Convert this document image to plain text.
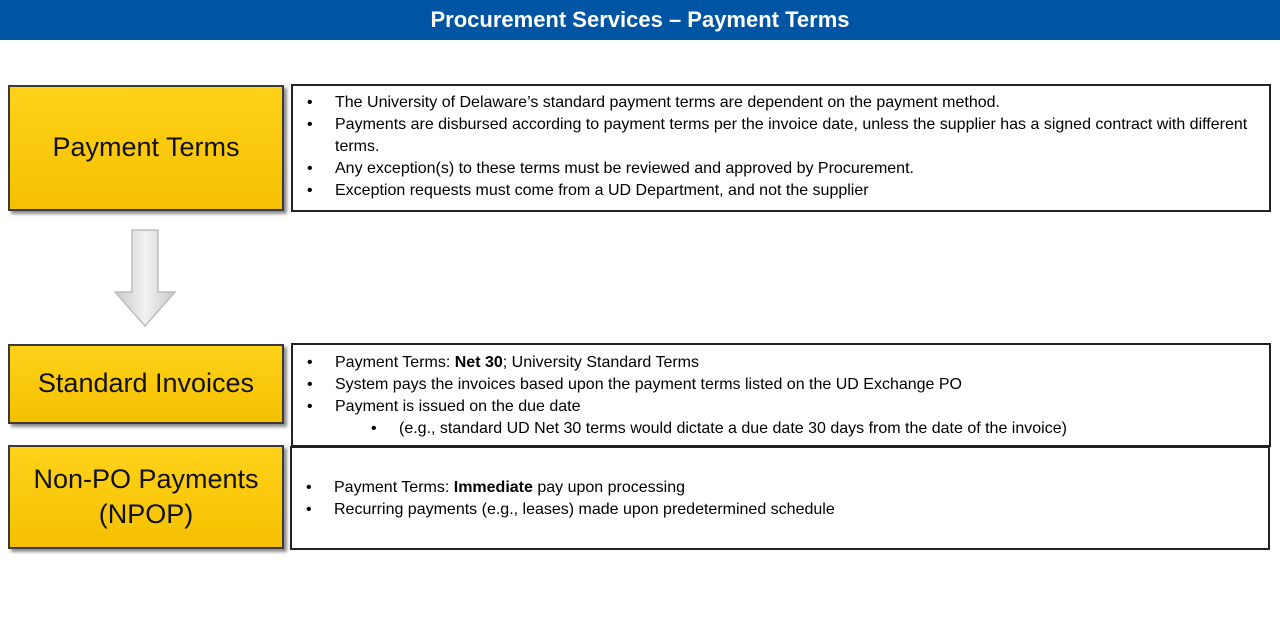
Procurement Services – Payment Terms
Payment Terms
• The University of Delaware’s standard payment terms are dependent on the payment method.
• Payments are disbursed according to payment terms per the invoice date, unless the supplier has a signed contract with different terms.
• Any exception(s) to these terms must be reviewed and approved by Procurement.
• Exception requests must come from a UD Department, and not the supplier
Standard Invoices
• Payment Terms: Net 30; University Standard Terms
• System pays the invoices based upon the payment terms listed on the UD Exchange PO
• Payment is issued on the due date
• (e.g., standard UD Net 30 terms would dictate a due date 30 days from the date of the invoice)
Non-PO Payments
(NPOP)
• Payment Terms: Immediate pay upon processing
• Recurring payments (e.g., leases) made upon predetermined schedule
